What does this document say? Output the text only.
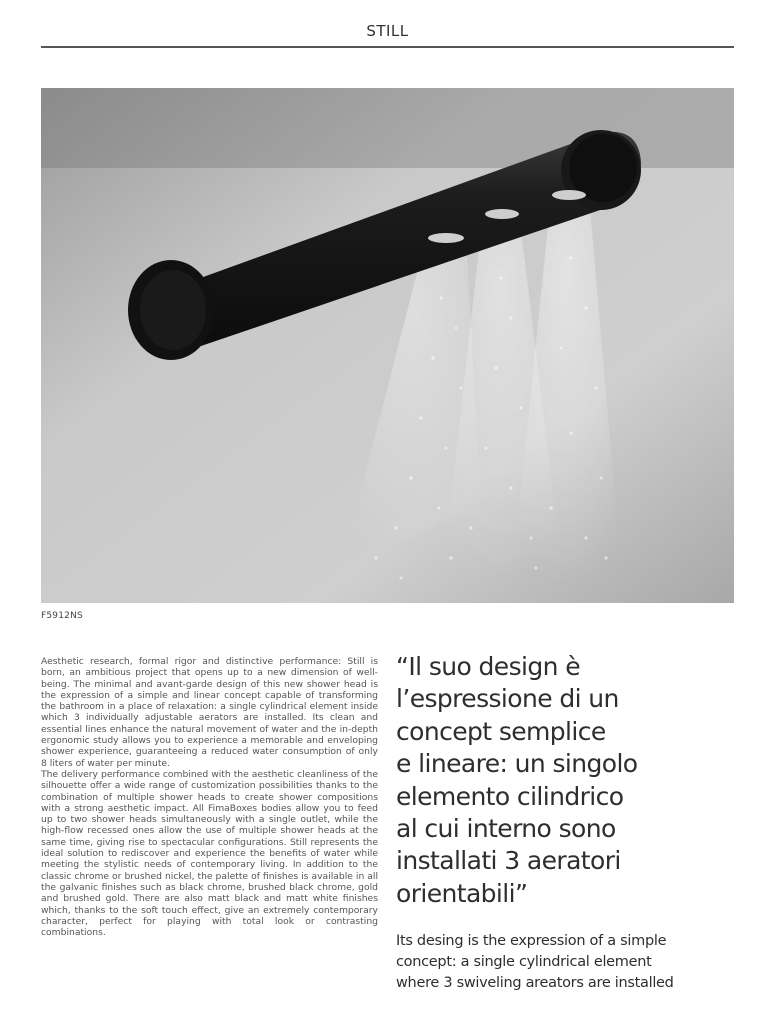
STILL
F5912NS

Aesthetic research, formal rigor and distinctive performance: Still is born, an ambitious project that opens up to a new dimension of well-being. The minimal and avant-garde design of this new shower head is the expression of a simple and linear concept capable of transforming the bathroom in a place of relaxation: a single cylindrical element inside which 3 individually adjustable aerators are installed. Its clean and essential lines enhance the natural movement of water and the in-depth ergonomic study allows you to experience a memorable and enveloping shower experience, guaranteeing a reduced water consumption of only 8 liters of water per minute.

The delivery performance combined with the aesthetic cleanliness of the silhouette offer a wide range of customization possibilities thanks to the combination of multiple shower heads to create shower compositions with a strong aesthetic impact. All FimaBoxes bodies allow you to feed up to two shower heads simultaneously with a single outlet, while the high-flow recessed ones allow the use of multiple shower heads at the same time, giving rise to spectacular configurations. Still represents the ideal solution to rediscover and experience the benefits of water while meeting the stylistic needs of contemporary living. In addition to the classic chrome or brushed nickel, the palette of finishes is available in all the galvanic finishes such as black chrome, brushed black chrome, gold and brushed gold. There are also matt black and matt white finishes which, thanks to the soft touch effect, give an extremely contemporary character, perfect for playing with total look or contrasting combinations.

“Il suo design è
l’espressione di un
concept semplice
e lineare: un singolo
elemento cilindrico
al cui interno sono
installati 3 aeratori
orientabili”
Its desing is the expression of a simple
concept: a single cylindrical element
where 3 swiveling areators are installed
